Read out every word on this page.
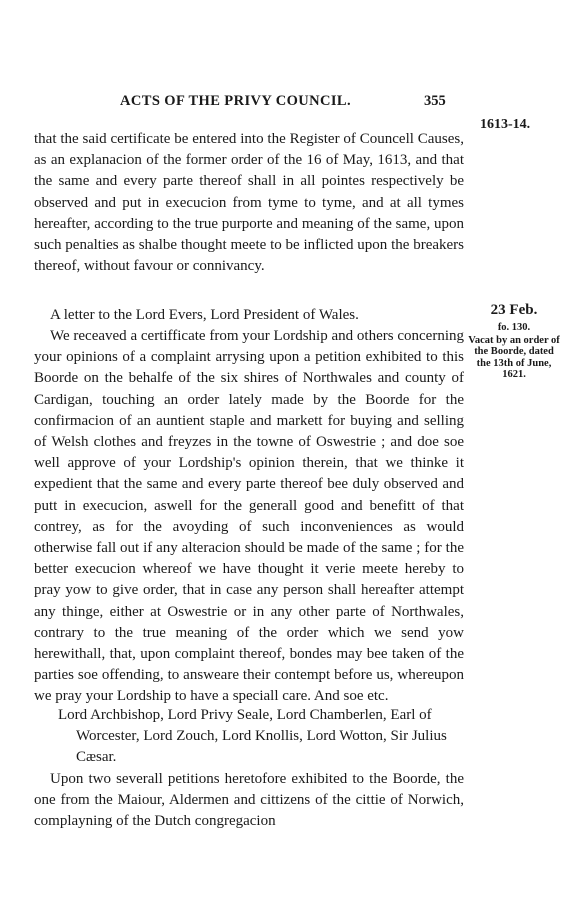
ACTS OF THE PRIVY COUNCIL.	355
1613-14.
that the said certificate be entered into the Register of Councell Causes, as an explanacion of the former order of the 16 of May, 1613, and that the same and every parte thereof shall in all pointes respectively be observed and put in execucion from tyme to tyme, and at all tymes hereafter, according to the true purporte and meaning of the same, upon such penalties as shalbe thought meete to be inflicted upon the breakers thereof, without favour or connivancy.
A letter to the Lord Evers, Lord President of Wales.	23 Feb.
fo. 130.
Vacat by an order of the Boorde, dated the 13th of June, 1621.
We receaved a certifficate from your Lordship and others concerning your opinions of a complaint arrysing upon a petition exhibited to this Boorde on the behalfe of the six shires of Northwales and county of Cardigan, touching an order lately made by the Boorde for the confirmacion of an auntient staple and markett for buying and selling of Welsh clothes and freyzes in the towne of Oswestrie ; and doe soe well approve of your Lordship's opinion therein, that we thinke it expedient that the same and every parte thereof bee duly observed and putt in execucion, aswell for the generall good and benefitt of that contrey, as for the avoyding of such inconveniences as would otherwise fall out if any alteracion should be made of the same ; for the better execucion whereof we have thought it verie meete hereby to pray yow to give order, that in case any person shall hereafter attempt any thinge, either at Oswestrie or in any other parte of Northwales, contrary to the true meaning of the order which we send yow herewithall, that, upon complaint thereof, bondes may bee taken of the parties soe offending, to answeare their contempt before us, whereupon we pray your Lordship to have a speciall care. And soe etc.
Lord Archbishop, Lord Privy Seale, Lord Chamberlen, Earl of Worcester, Lord Zouch, Lord Knollis, Lord Wotton, Sir Julius Cæsar.
Upon two severall petitions heretofore exhibited to the Boorde, the one from the Maiour, Aldermen and cittizens of the cittie of Norwich, complayning of the Dutch congregacion
